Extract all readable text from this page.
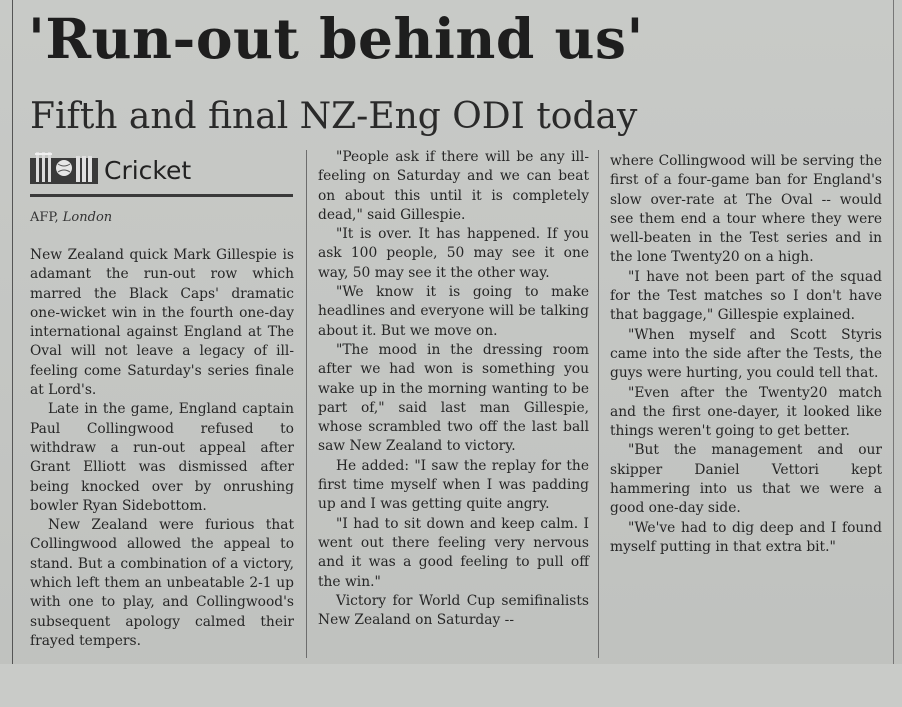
'Run-out behind us'
Fifth and final NZ-Eng ODI today
Cricket
AFP, London

New Zealand quick Mark Gillespie is adamant the run-out row which marred the Black Caps' dramatic one-wicket win in the fourth one-day international against England at The Oval will not leave a legacy of ill-feeling come Saturday's series finale at Lord's.

Late in the game, England captain Paul Collingwood refused to withdraw a run-out appeal after Grant Elliott was dismissed after being knocked over by onrushing bowler Ryan Sidebottom.

New Zealand were furious that Collingwood allowed the appeal to stand. But a combination of a victory, which left them an unbeatable 2-1 up with one to play, and Collingwood's subsequent apology calmed their frayed tempers.

"People ask if there will be any ill-feeling on Saturday and we can beat on about this until it is completely dead," said Gillespie.

"It is over. It has happened. If you ask 100 people, 50 may see it one way, 50 may see it the other way.

"We know it is going to make headlines and everyone will be talking about it. But we move on.

"The mood in the dressing room after we had won is something you wake up in the morning wanting to be part of," said last man Gillespie, whose scrambled two off the last ball saw New Zealand to victory.

He added: "I saw the replay for the first time myself when I was padding up and I was getting quite angry.

"I had to sit down and keep calm. I went out there feeling very nervous and it was a good feeling to pull off the win."

Victory for World Cup semifinalists New Zealand on Saturday --

where Collingwood will be serving the first of a four-game ban for England's slow over-rate at The Oval -- would see them end a tour where they were well-beaten in the Test series and in the lone Twenty20 on a high.

"I have not been part of the squad for the Test matches so I don't have that baggage," Gillespie explained.

"When myself and Scott Styris came into the side after the Tests, the guys were hurting, you could tell that.

"Even after the Twenty20 match and the first one-dayer, it looked like things weren't going to get better.

"But the management and our skipper Daniel Vettori kept hammering into us that we were a good one-day side.

"We've had to dig deep and I found myself putting in that extra bit."
